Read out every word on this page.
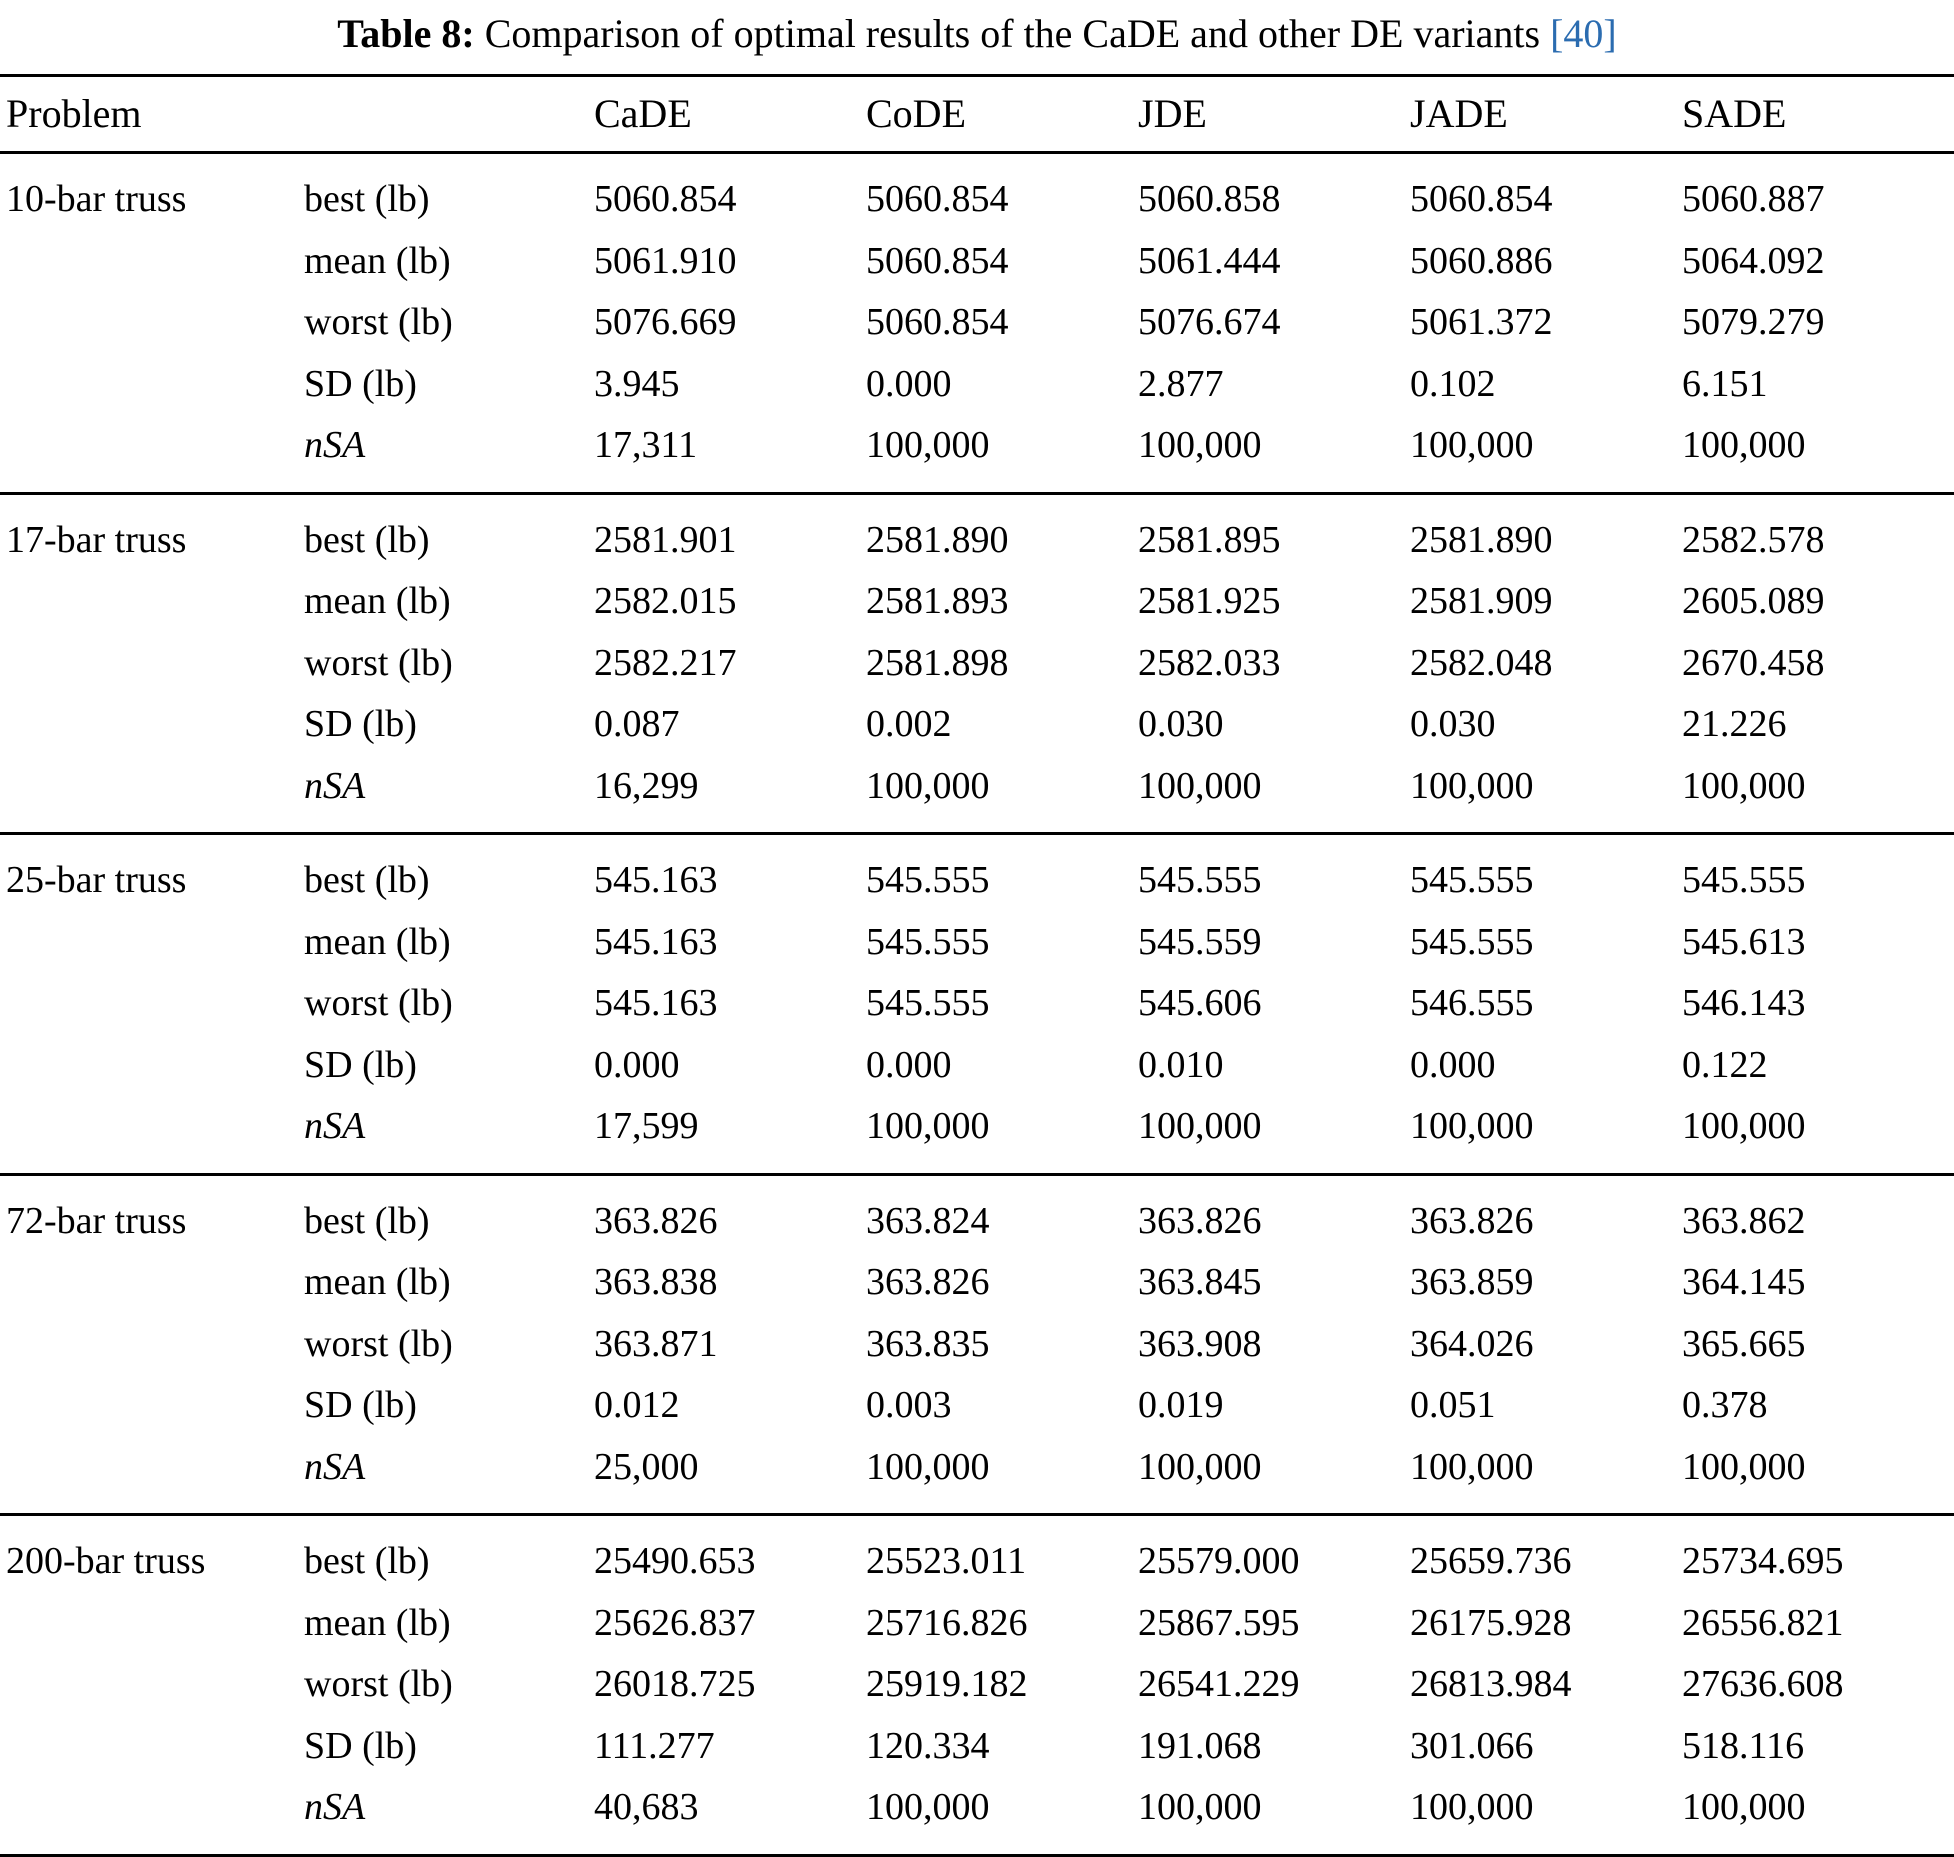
Table 8: Comparison of optimal results of the CaDE and other DE variants [40]
Problem		CaDE	CoDE	JDE	JADE	SADE
10-bar truss	best (lb)	5060.854	5060.854	5060.858	5060.854	5060.887
	mean (lb)	5061.910	5060.854	5061.444	5060.886	5064.092
	worst (lb)	5076.669	5060.854	5076.674	5061.372	5079.279
	SD (lb)	3.945	0.000	2.877	0.102	6.151
	nSA	17,311	100,000	100,000	100,000	100,000
17-bar truss	best (lb)	2581.901	2581.890	2581.895	2581.890	2582.578
	mean (lb)	2582.015	2581.893	2581.925	2581.909	2605.089
	worst (lb)	2582.217	2581.898	2582.033	2582.048	2670.458
	SD (lb)	0.087	0.002	0.030	0.030	21.226
	nSA	16,299	100,000	100,000	100,000	100,000
25-bar truss	best (lb)	545.163	545.555	545.555	545.555	545.555
	mean (lb)	545.163	545.555	545.559	545.555	545.613
	worst (lb)	545.163	545.555	545.606	546.555	546.143
	SD (lb)	0.000	0.000	0.010	0.000	0.122
	nSA	17,599	100,000	100,000	100,000	100,000
72-bar truss	best (lb)	363.826	363.824	363.826	363.826	363.862
	mean (lb)	363.838	363.826	363.845	363.859	364.145
	worst (lb)	363.871	363.835	363.908	364.026	365.665
	SD (lb)	0.012	0.003	0.019	0.051	0.378
	nSA	25,000	100,000	100,000	100,000	100,000
200-bar truss	best (lb)	25490.653	25523.011	25579.000	25659.736	25734.695
	mean (lb)	25626.837	25716.826	25867.595	26175.928	26556.821
	worst (lb)	26018.725	25919.182	26541.229	26813.984	27636.608
	SD (lb)	111.277	120.334	191.068	301.066	518.116
	nSA	40,683	100,000	100,000	100,000	100,000
